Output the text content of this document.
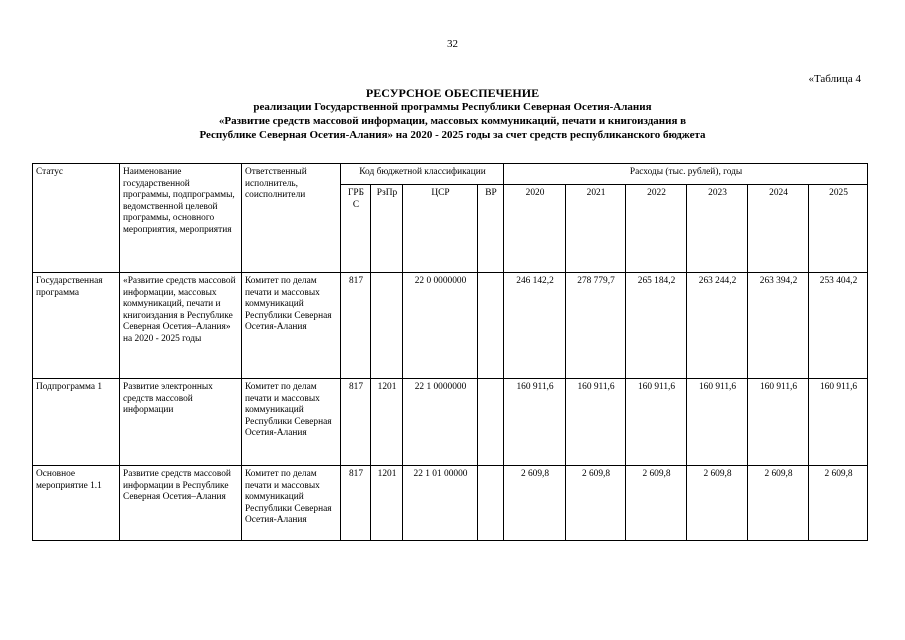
32
«Таблица 4
РЕСУРСНОЕ ОБЕСПЕЧЕНИЕ
реализации Государственной программы Республики Северная Осетия-Алания
«Развитие средств массовой информации, массовых коммуникаций, печати и книгоиздания в
Республике Северная Осетия-Алания» на 2020 - 2025 годы за счет средств республиканского бюджета
Статус	Наименование государственной программы, подпрограммы, ведомственной целевой программы, основного мероприятия, мероприятия	Ответственный исполнитель, соисполнители	Код бюджетной классификации				Расходы (тыс. рублей), годы					
			ГРБ С	РзПр	ЦСР	ВР	2020	2021	2022	2023	2024	2025
Государственная программа	«Развитие средств массовой информации, массовых коммуникаций, печати и книгоиздания в Республике Северная Осетия–Алания» на 2020 - 2025 годы	Комитет по делам печати и массовых коммуникаций Республики Северная Осетия-Алания	817		22 0 0000000		246 142,2	278 779,7	265 184,2	263 244,2	263 394,2	253 404,2
Подпрограмма 1	Развитие электронных средств массовой информации	Комитет по делам печати и массовых коммуникаций Республики Северная Осетия-Алания	817	1201	22 1 0000000		160 911,6	160 911,6	160 911,6	160 911,6	160 911,6	160 911,6
Основное мероприятие 1.1	Развитие средств массовой информации в Республике Северная Осетия–Алания	Комитет по делам печати и массовых коммуникаций Республики Северная Осетия-Алания	817	1201	22 1 01 00000		2 609,8	2 609,8	2 609,8	2 609,8	2 609,8	2 609,8
